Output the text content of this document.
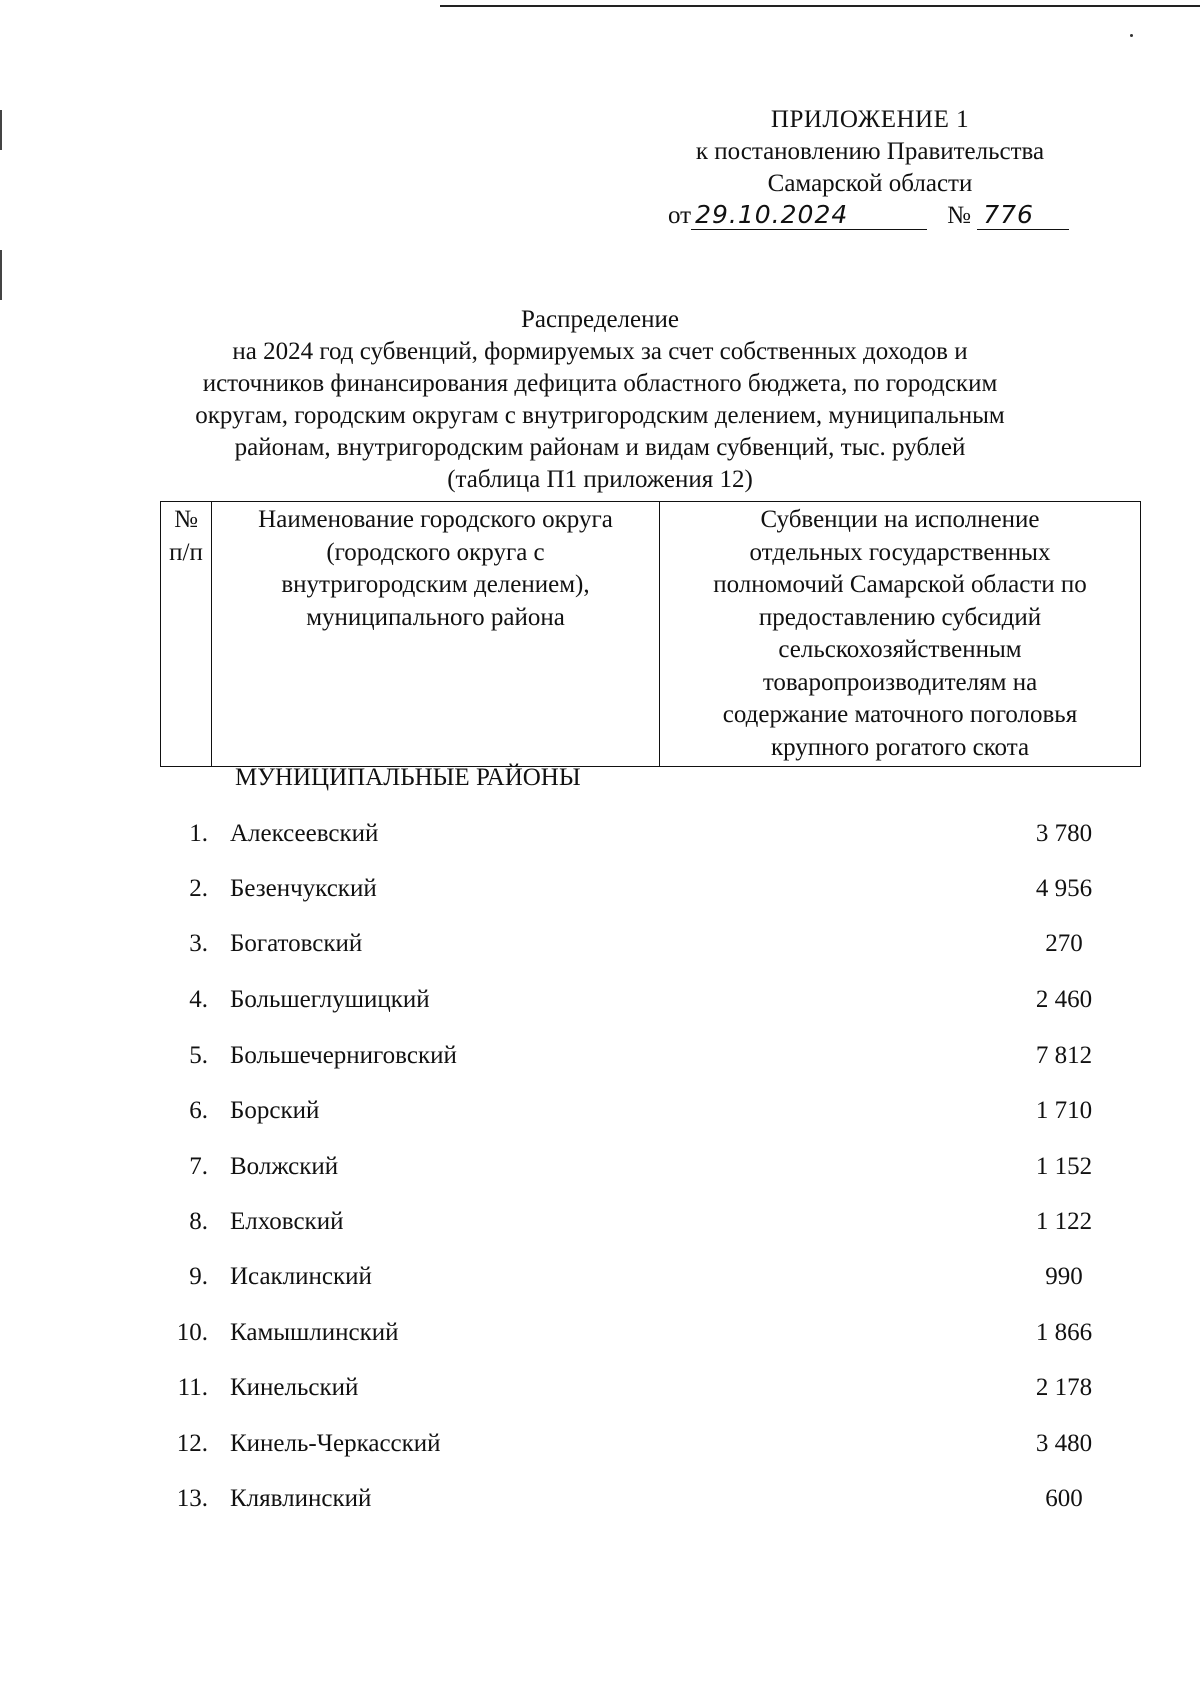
ПРИЛОЖЕНИЕ 1
к постановлению Правительства
Самарской области
от 29.10.2024	№ 776
Распределение
на 2024 год субвенций, формируемых за счет собственных доходов и
источников финансирования дефицита областного бюджета, по городским
округам, городским округам с внутригородским делением, муниципальным
районам, внутригородским районам и видам субвенций, тыс. рублей
(таблица П1 приложения 12)
№
п/п

Наименование городского округа
(городского округа с
внутригородским делением),
муниципального района

Субвенции на исполнение
отдельных государственных
полномочий Самарской области по
предоставлению субсидий
сельскохозяйственным
товаропроизводителям на
содержание маточного поголовья
крупного рогатого скота
МУНИЦИПАЛЬНЫЕ РАЙОНЫ
1. Алексеевский	3 780
2. Безенчукский	4 956
3. Богатовский	270
4. Большеглушицкий	2 460
5. Большечерниговский	7 812
6. Борский	1 710
7. Волжский	1 152
8. Елховский	1 122
9. Исаклинский	990
10. Камышлинский	1 866
11. Кинельский	2 178
12. Кинель-Черкасский	3 480
13. Клявлинский	600
